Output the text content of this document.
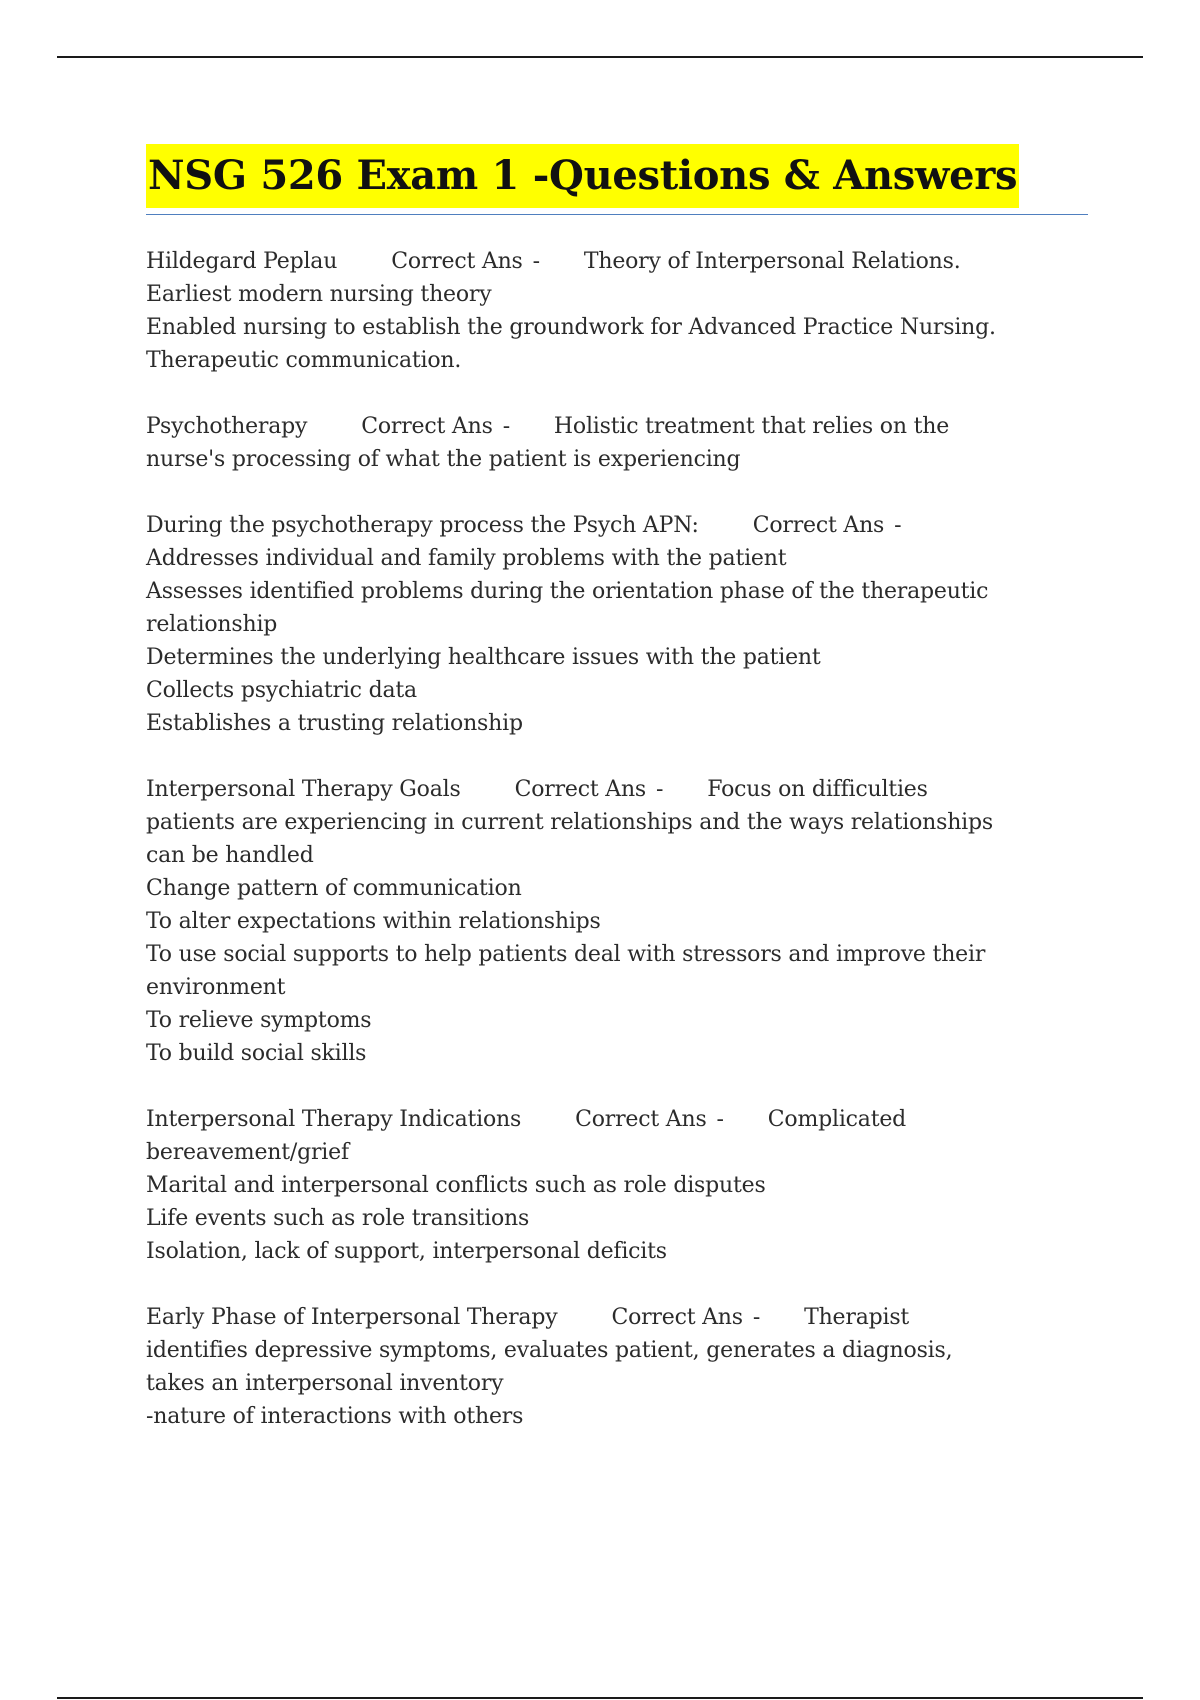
NSG 526 Exam 1 -Questions & Answers
Hildegard Peplau Correct Ans - Theory of Interpersonal Relations.
Earliest modern nursing theory
Enabled nursing to establish the groundwork for Advanced Practice Nursing.
Therapeutic communication.
Psychotherapy Correct Ans - Holistic treatment that relies on the
nurse's processing of what the patient is experiencing
During the psychotherapy process the Psych APN: Correct Ans -
Addresses individual and family problems with the patient
Assesses identified problems during the orientation phase of the therapeutic
relationship
Determines the underlying healthcare issues with the patient
Collects psychiatric data
Establishes a trusting relationship
Interpersonal Therapy Goals Correct Ans - Focus on difficulties
patients are experiencing in current relationships and the ways relationships
can be handled
Change pattern of communication
To alter expectations within relationships
To use social supports to help patients deal with stressors and improve their
environment
To relieve symptoms
To build social skills
Interpersonal Therapy Indications Correct Ans - Complicated
bereavement/grief
Marital and interpersonal conflicts such as role disputes
Life events such as role transitions
Isolation, lack of support, interpersonal deficits
Early Phase of Interpersonal Therapy Correct Ans - Therapist
identifies depressive symptoms, evaluates patient, generates a diagnosis,
takes an interpersonal inventory
-nature of interactions with others
